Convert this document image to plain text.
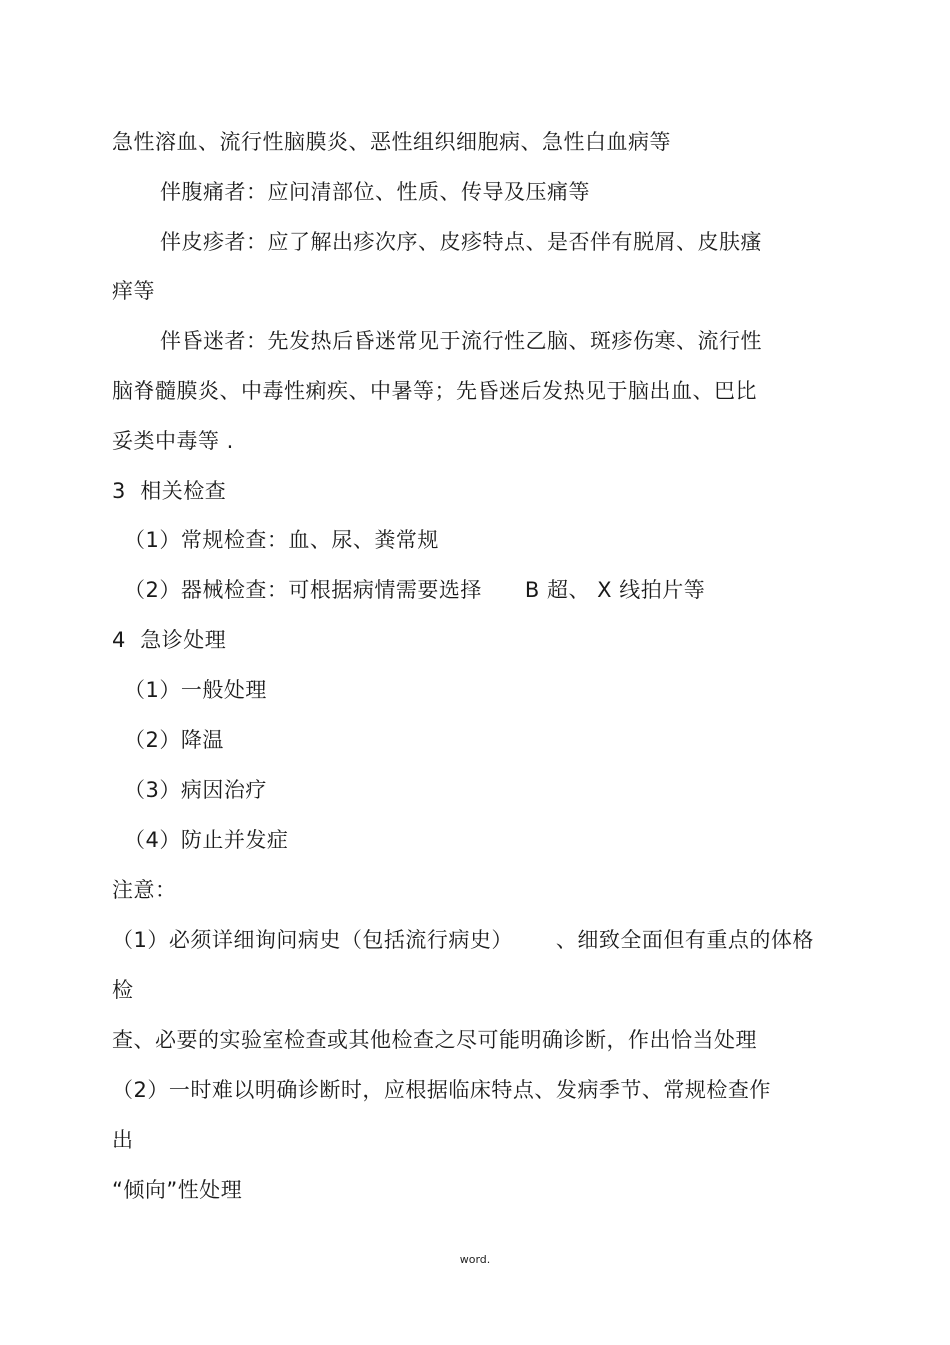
急性溶血、流行性脑膜炎、恶性组织细胞病、急性白血病等
伴腹痛者：应问清部位、性质、传导及压痛等
伴皮疹者：应了解出疹次序、皮疹特点、是否伴有脱屑、皮肤瘙
痒等
伴昏迷者：先发热后昏迷常见于流行性乙脑、斑疹伤寒、流行性
脑脊髓膜炎、中毒性痢疾、中暑等；先昏迷后发热见于脑出血、巴比
妥类中毒等 .
3  相关检查
（1）常规检查：血、尿、粪常规
（2）器械检查：可根据病情需要选择      B 超、 X 线拍片等
4  急诊处理
（1）一般处理
（2）降温
（3）病因治疗
（4）防止并发症
注意：
（1）必须详细询问病史（包括流行病史）      、细致全面但有重点的体格
检
查、必要的实验室检查或其他检查之尽可能明确诊断，作出恰当处理
（2）一时难以明确诊断时，应根据临床特点、发病季节、常规检查作
出
“倾向”性处理
word.
